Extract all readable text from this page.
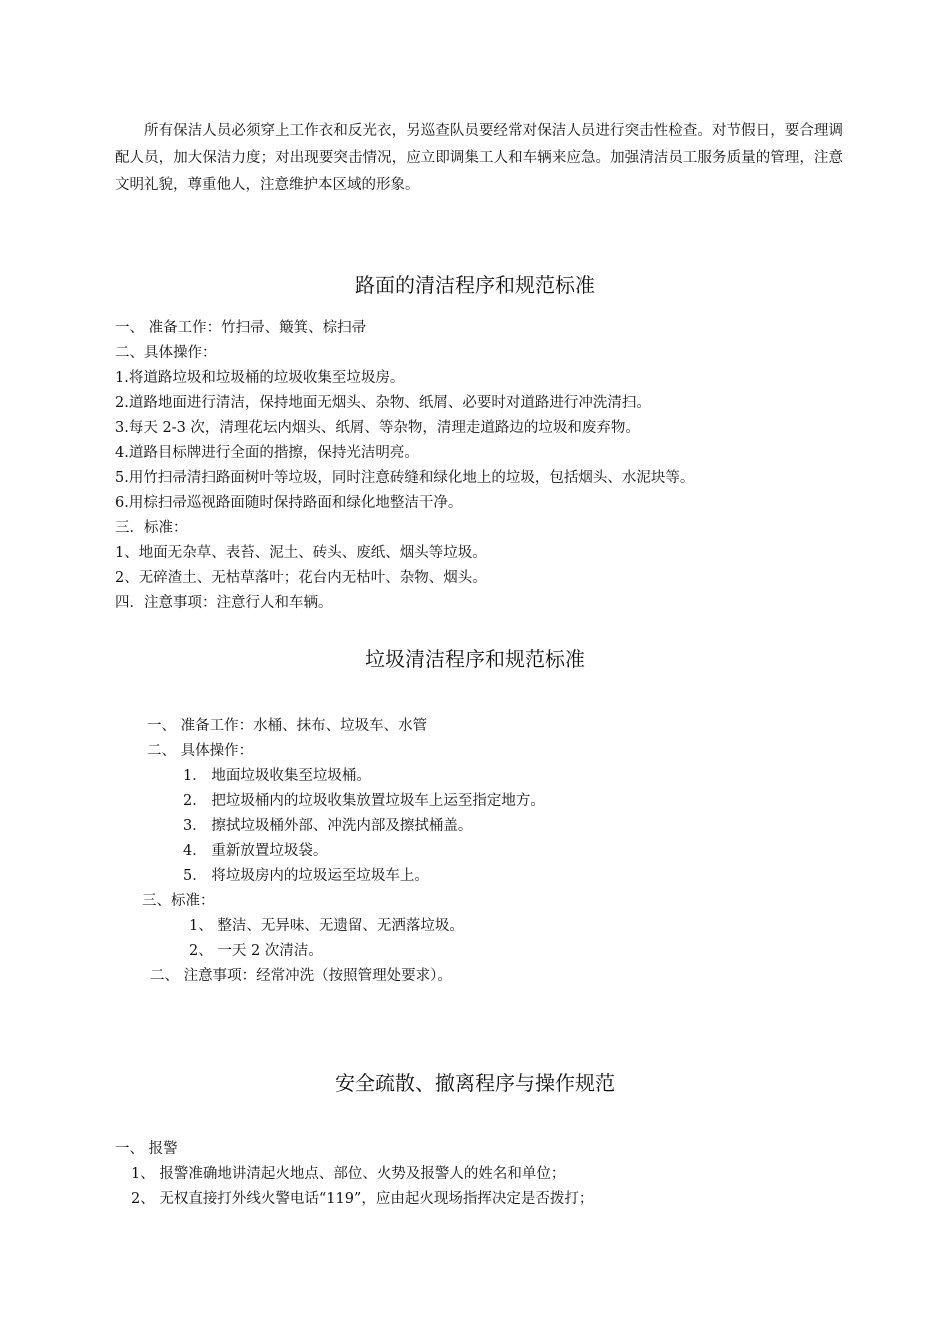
所有保洁人员必须穿上工作衣和反光衣，另巡查队员要经常对保洁人员进行突击性检查。对节假日，要合理调配人员，加大保洁力度；对出现要突击情况，应立即调集工人和车辆来应急。加强清洁员工服务质量的管理，注意文明礼貌，尊重他人，注意维护本区域的形象。

路面的清洁程序和规范标准
一、 准备工作：竹扫帚、簸箕、棕扫帚
二、具体操作：
1.将道路垃圾和垃圾桶的垃圾收集至垃圾房。
2.道路地面进行清洁，保持地面无烟头、杂物、纸屑、必要时对道路进行冲洗清扫。
3.每天 2-3 次，清理花坛内烟头、纸屑、等杂物，清理走道路边的垃圾和废弃物。
4.道路目标牌进行全面的揩擦，保持光洁明亮。
5.用竹扫帚清扫路面树叶等垃圾，同时注意砖缝和绿化地上的垃圾，包括烟头、水泥块等。
6.用棕扫帚巡视路面随时保持路面和绿化地整洁干净。
三．标准：
1、地面无杂草、表苔、泥土、砖头、废纸、烟头等垃圾。
2、无碎渣土、无枯草落叶；花台内无枯叶、杂物、烟头。
四．注意事项：注意行人和车辆。
垃圾清洁程序和规范标准
一、 准备工作：水桶、抹布、垃圾车、水管
二、 具体操作：
1． 地面垃圾收集至垃圾桶。
2． 把垃圾桶内的垃圾收集放置垃圾车上运至指定地方。
3． 擦拭垃圾桶外部、冲洗内部及擦拭桶盖。
4． 重新放置垃圾袋。
5． 将垃圾房内的垃圾运至垃圾车上。
三、标准：
1、 整洁、无异味、无遗留、无洒落垃圾。
2、 一天 2 次清洁。
二、 注意事项：经常冲洗（按照管理处要求）。
安全疏散、撤离程序与操作规范
一、 报警
1、 报警准确地讲清起火地点、部位、火势及报警人的姓名和单位；
2、 无权直接打外线火警电话“119”，应由起火现场指挥决定是否拨打；
